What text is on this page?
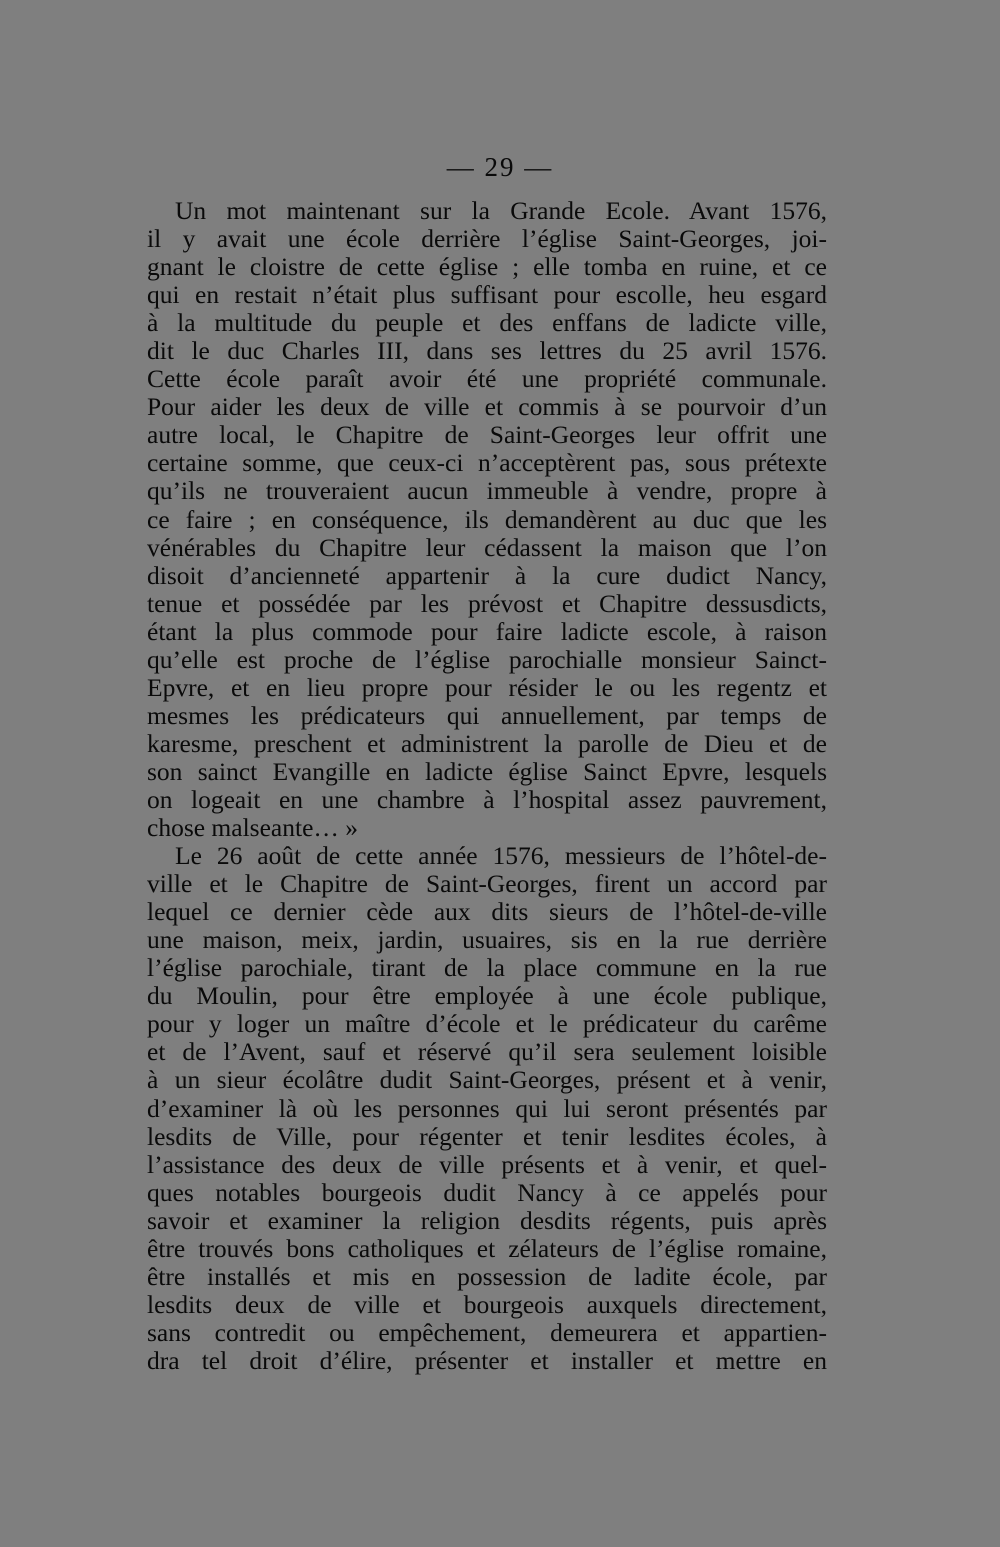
— 29 —
Un mot maintenant sur la Grande Ecole. Avant 1576,
il y avait une école derrière l’église Saint-Georges, joi-
gnant le cloistre de cette église ; elle tomba en ruine, et ce
qui en restait n’était plus suffisant pour escolle, heu esgard
à la multitude du peuple et des enffans de ladicte ville,
dit le duc Charles III, dans ses lettres du 25 avril 1576.
Cette école paraît avoir été une propriété communale.
Pour aider les deux de ville et commis à se pourvoir d’un
autre local, le Chapitre de Saint-Georges leur offrit une
certaine somme, que ceux-ci n’acceptèrent pas, sous prétexte
qu’ils ne trouveraient aucun immeuble à vendre, propre à
ce faire ; en conséquence, ils demandèrent au duc que les
vénérables du Chapitre leur cédassent la maison que l’on
disoit d’ancienneté appartenir à la cure dudict Nancy,
tenue et possédée par les prévost et Chapitre dessusdicts,
étant la plus commode pour faire ladicte escole, à raison
qu’elle est proche de l’église parochialle monsieur Sainct-
Epvre, et en lieu propre pour résider le ou les regentz et
mesmes les prédicateurs qui annuellement, par temps de
karesme, preschent et administrent la parolle de Dieu et de
son sainct Evangille en ladicte église Sainct Epvre, lesquels
on logeait en une chambre à l’hospital assez pauvrement,
chose malseante… »
Le 26 août de cette année 1576, messieurs de l’hôtel-de-
ville et le Chapitre de Saint-Georges, firent un accord par
lequel ce dernier cède aux dits sieurs de l’hôtel-de-ville
une maison, meix, jardin, usuaires, sis en la rue derrière
l’église parochiale, tirant de la place commune en la rue
du Moulin, pour être employée à une école publique,
pour y loger un maître d’école et le prédicateur du carême
et de l’Avent, sauf et réservé qu’il sera seulement loisible
à un sieur écolâtre dudit Saint-Georges, présent et à venir,
d’examiner là où les personnes qui lui seront présentés par
lesdits de Ville, pour régenter et tenir lesdites écoles, à
l’assistance des deux de ville présents et à venir, et quel-
ques notables bourgeois dudit Nancy à ce appelés pour
savoir et examiner la religion desdits régents, puis après
être trouvés bons catholiques et zélateurs de l’église romaine,
être installés et mis en possession de ladite école, par
lesdits deux de ville et bourgeois auxquels directement,
sans contredit ou empêchement, demeurera et appartien-
dra tel droit d’élire, présenter et installer et mettre en
